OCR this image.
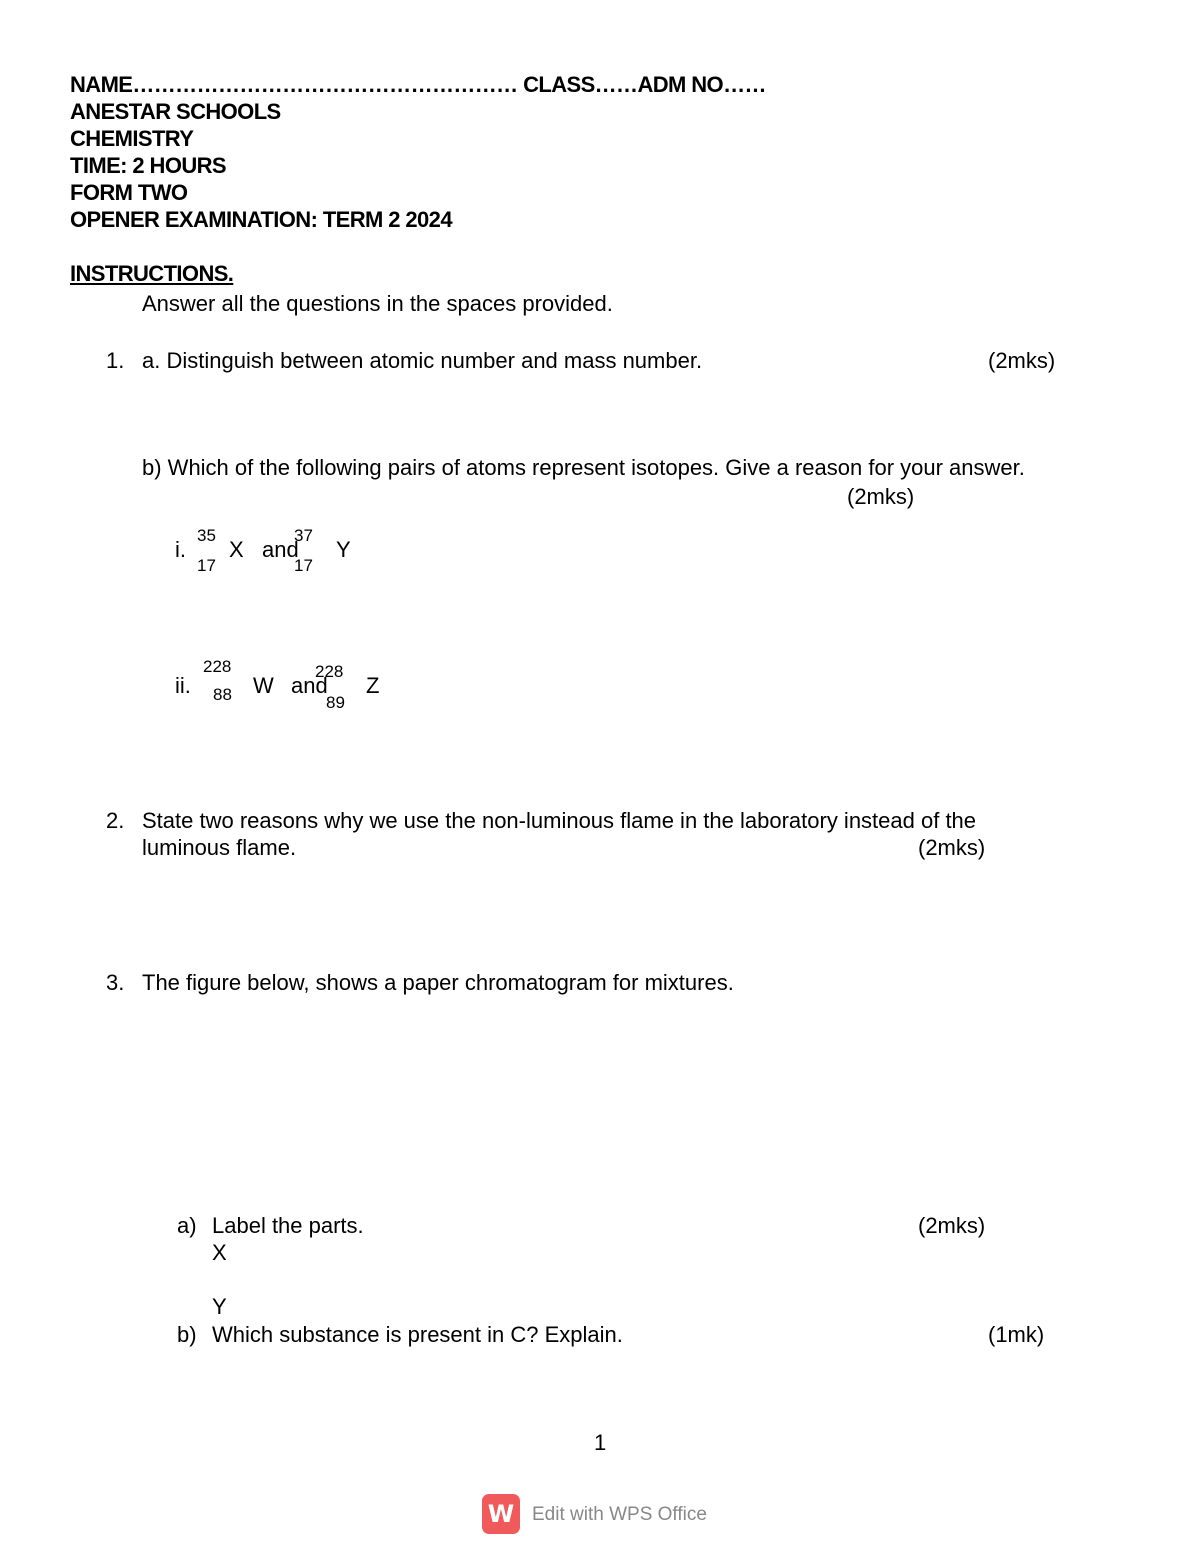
NAME……………………………………………… CLASS……ADM NO……
ANESTAR SCHOOLS
CHEMISTRY
TIME: 2 HOURS
FORM TWO
OPENER EXAMINATION: TERM 2 2024
INSTRUCTIONS.
Answer all the questions in the spaces provided.
1. a. Distinguish between atomic number and mass number.	(2mks)
b) Which of the following pairs of atoms represent isotopes. Give a reason for your answer.
(2mks)
i.
35
17
X and
37
17
Y
ii.
228
88 W and
228
89
Z
2. State two reasons why we use the non-luminous flame in the laboratory instead of the
luminous flame.	(2mks)
3. The figure below, shows a paper chromatogram for mixtures.
a) Label the parts.	(2mks)
X
Y
b) Which substance is present in C? Explain.	(1mk)
1
W Edit with WPS Office
